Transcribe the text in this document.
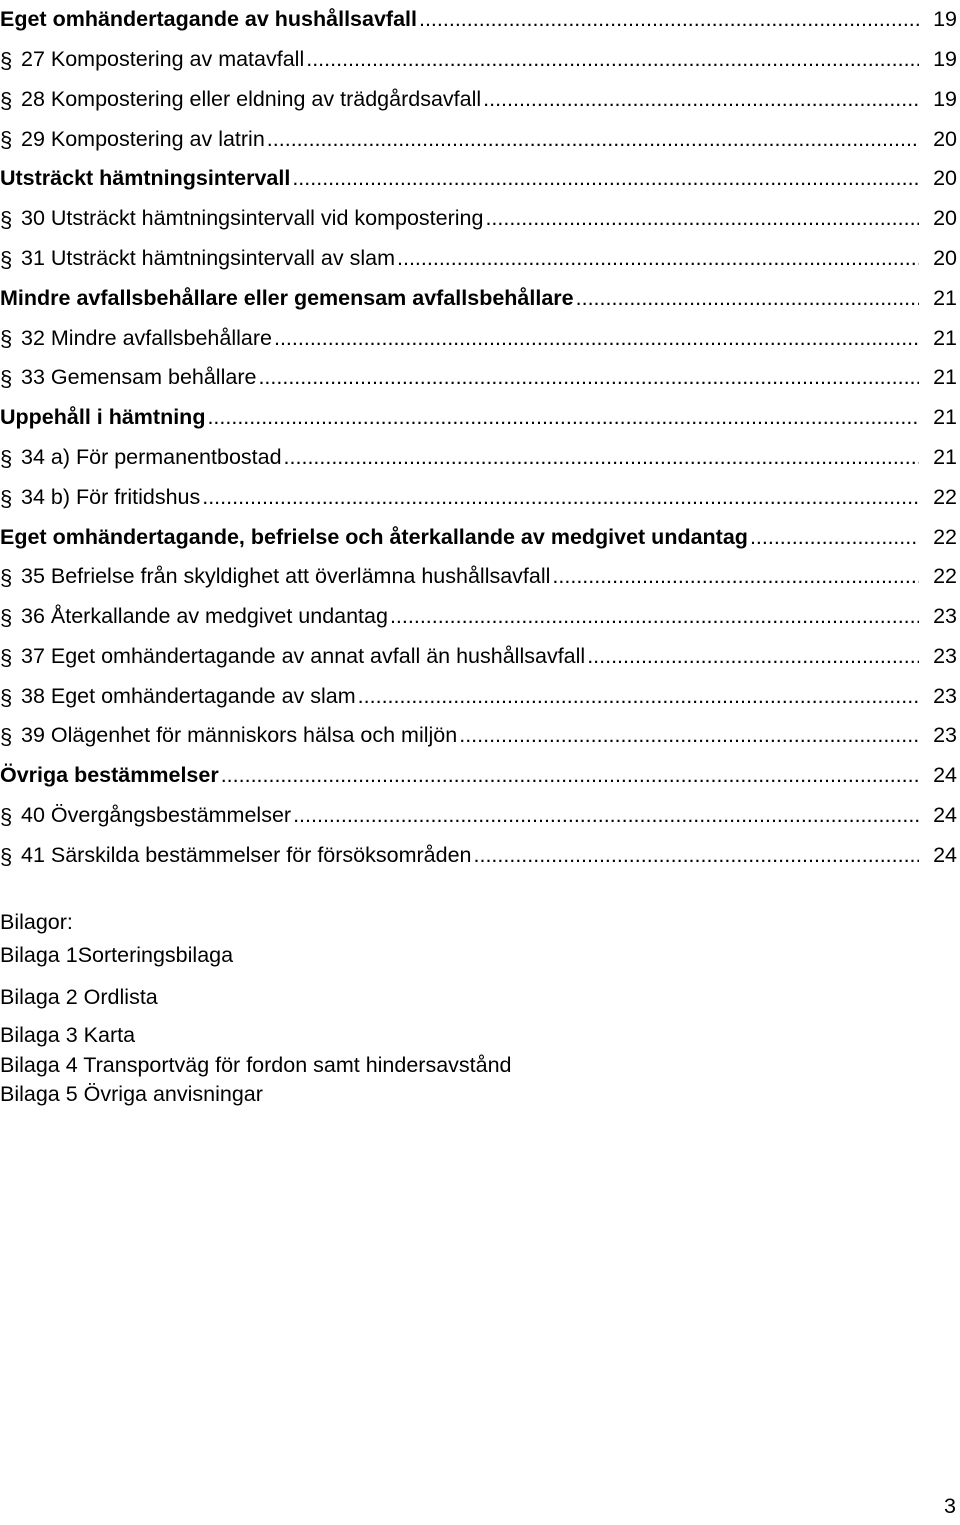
Eget omhändertagande av hushållsavfall .....	19
§ 27 Kompostering av matavfall .....	19
§ 28 Kompostering eller eldning av trädgårdsavfall .....	19
§ 29 Kompostering av latrin .....	20
Utsträckt hämtningsintervall .....	20
§ 30 Utsträckt hämtningsintervall vid kompostering .....	20
§ 31 Utsträckt hämtningsintervall av slam .....	20
Mindre avfallsbehållare eller gemensam avfallsbehållare .....	21
§ 32 Mindre avfallsbehållare .....	21
§ 33 Gemensam behållare .....	21
Uppehåll i hämtning .....	21
§ 34 a) För permanentbostad .....	21
§ 34 b) För fritidshus .....	22
Eget omhändertagande, befrielse och återkallande av medgivet undantag .....	22
§ 35 Befrielse från skyldighet att överlämna hushållsavfall .....	22
§ 36 Återkallande av medgivet undantag .....	23
§ 37 Eget omhändertagande av annat avfall än hushållsavfall .....	23
§ 38 Eget omhändertagande av slam .....	23
§ 39 Olägenhet för människors hälsa och miljön .....	23
Övriga bestämmelser .....	24
§ 40 Övergångsbestämmelser .....	24
§ 41 Särskilda bestämmelser för försöksområden .....	24
Bilagor:
Bilaga 1Sorteringsbilaga
Bilaga 2 Ordlista
Bilaga 3 Karta
Bilaga 4 Transportväg för fordon samt hindersavstånd
Bilaga 5 Övriga anvisningar
3
